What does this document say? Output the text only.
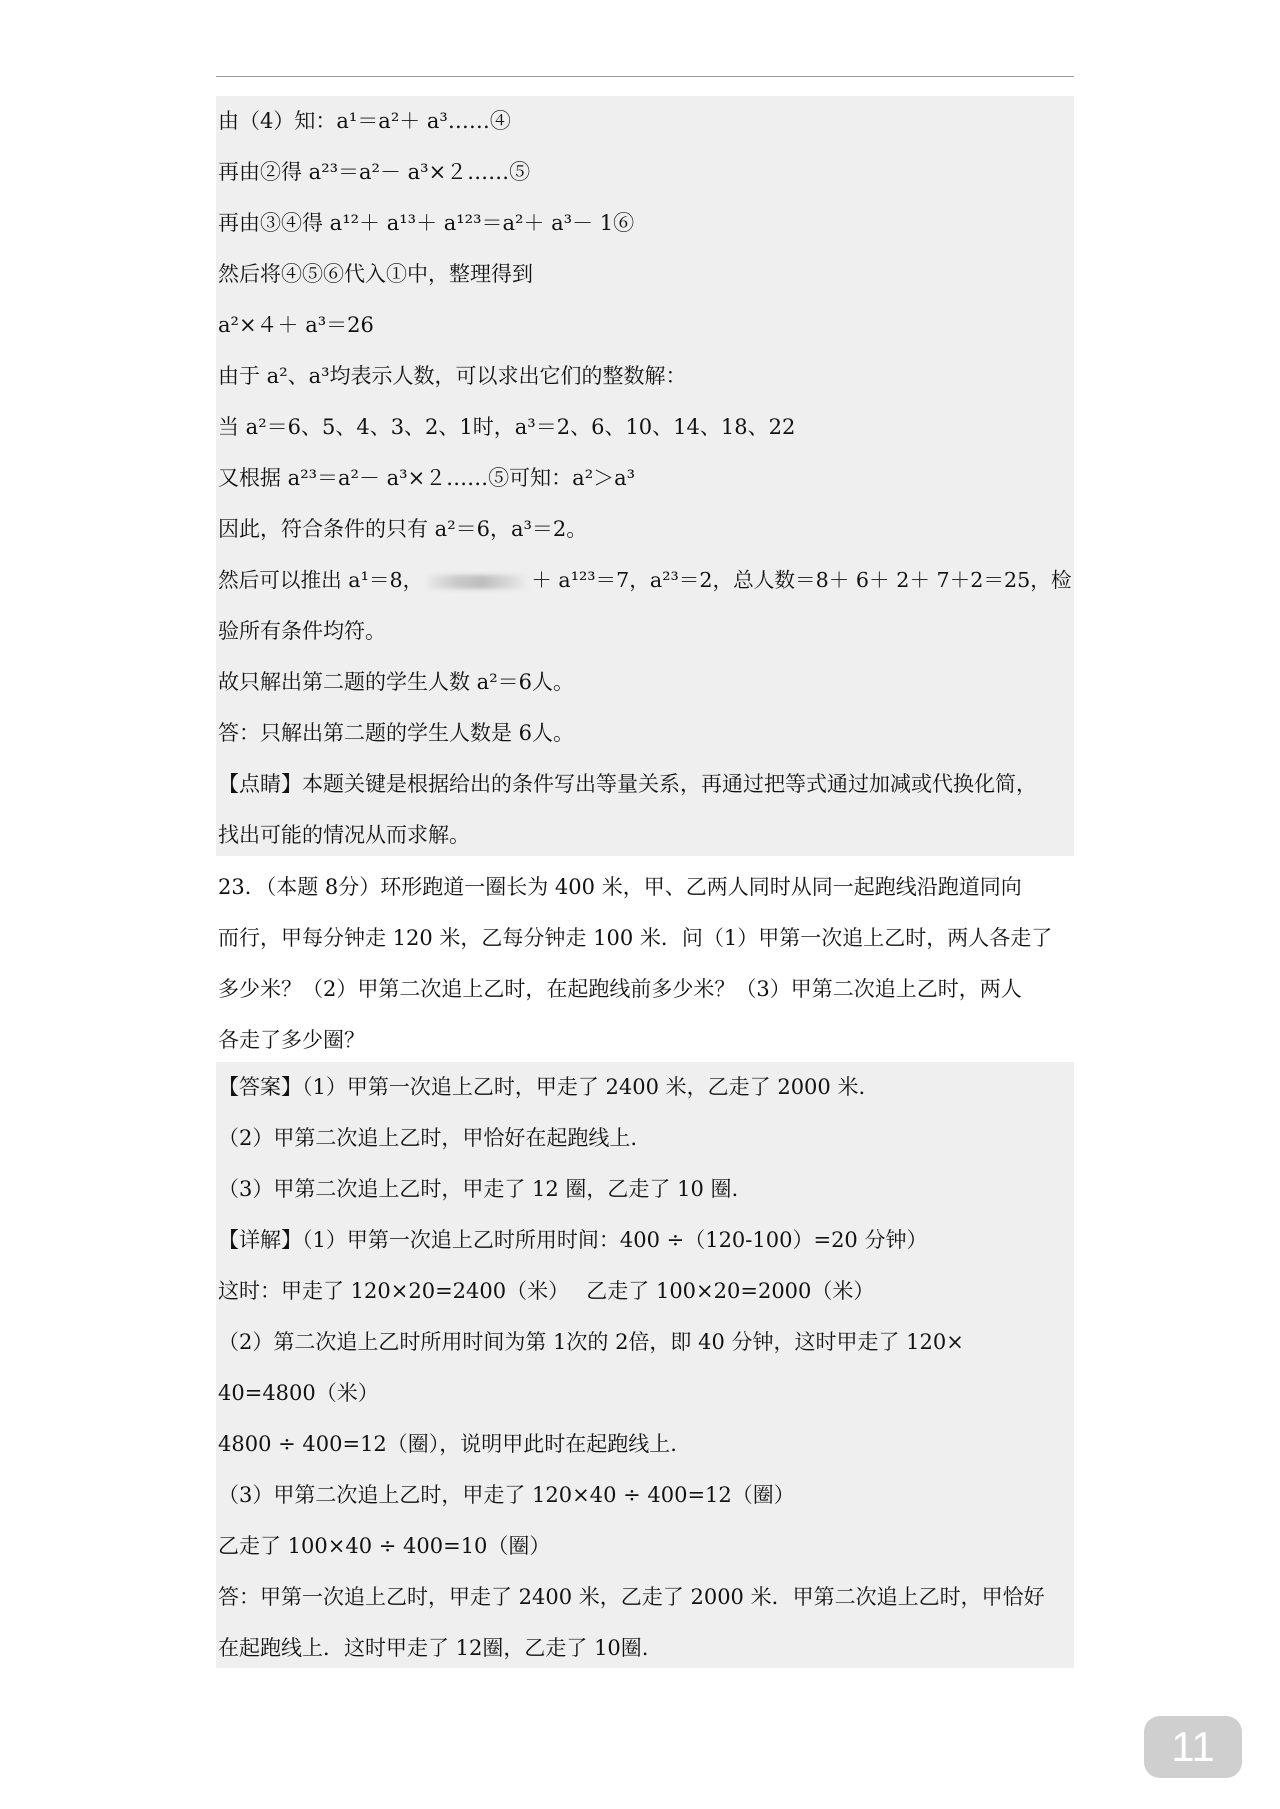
由（4）知：a¹＝a²＋ a³……④
再由②得 a²³＝a²－ a³×２……⑤
再由③④得 a¹²＋ a¹³＋ a¹²³＝a²＋ a³－ 1⑥
然后将④⑤⑥代入①中，整理得到
a²×４＋ a³＝26
由于 a²、a³均表示人数，可以求出它们的整数解：
当 a²＝6、5、4、3、2、1时，a³＝2、6、10、14、18、22
又根据 a²³＝a²－ a³×２……⑤可知：a²＞a³
因此，符合条件的只有 a²＝6，a³＝2。
然后可以推出 a¹＝8，	＋ a¹²³＝7，a²³＝2，总人数＝8＋ 6＋ 2＋ 7＋2＝25，检
验所有条件均符。
故只解出第二题的学生人数 a²＝6人。
答：只解出第二题的学生人数是 6人。
【点睛】本题关键是根据给出的条件写出等量关系，再通过把等式通过加减或代换化简，
找出可能的情况从而求解。
23．（本题 8分）环形跑道一圈长为 400 米，甲、乙两人同时从同一起跑线沿跑道同向
而行，甲每分钟走 120 米，乙每分钟走 100 米．问（1）甲第一次追上乙时，两人各走了
多少米？（2）甲第二次追上乙时，在起跑线前多少米？（3）甲第二次追上乙时，两人
各走了多少圈？
【答案】（1）甲第一次追上乙时，甲走了 2400 米，乙走了 2000 米.
（2）甲第二次追上乙时，甲恰好在起跑线上.
（3）甲第二次追上乙时，甲走了 12 圈，乙走了 10 圈.
【详解】（1）甲第一次追上乙时所用时间：400 ÷（120-100）=20 分钟）
这时：甲走了 120×20=2400（米）　 乙走了 100×20=2000（米）
（2）第二次追上乙时所用时间为第 1次的 2倍，即 40 分钟，这时甲走了 120×
40=4800（米）
4800 ÷ 400=12（圈），说明甲此时在起跑线上.
（3）甲第二次追上乙时，甲走了 120×40 ÷ 400=12（圈）
乙走了 100×40 ÷ 400=10（圈）
答：甲第一次追上乙时，甲走了 2400 米，乙走了 2000 米．甲第二次追上乙时，甲恰好
在起跑线上．这时甲走了 12圈，乙走了 10圈.
11
